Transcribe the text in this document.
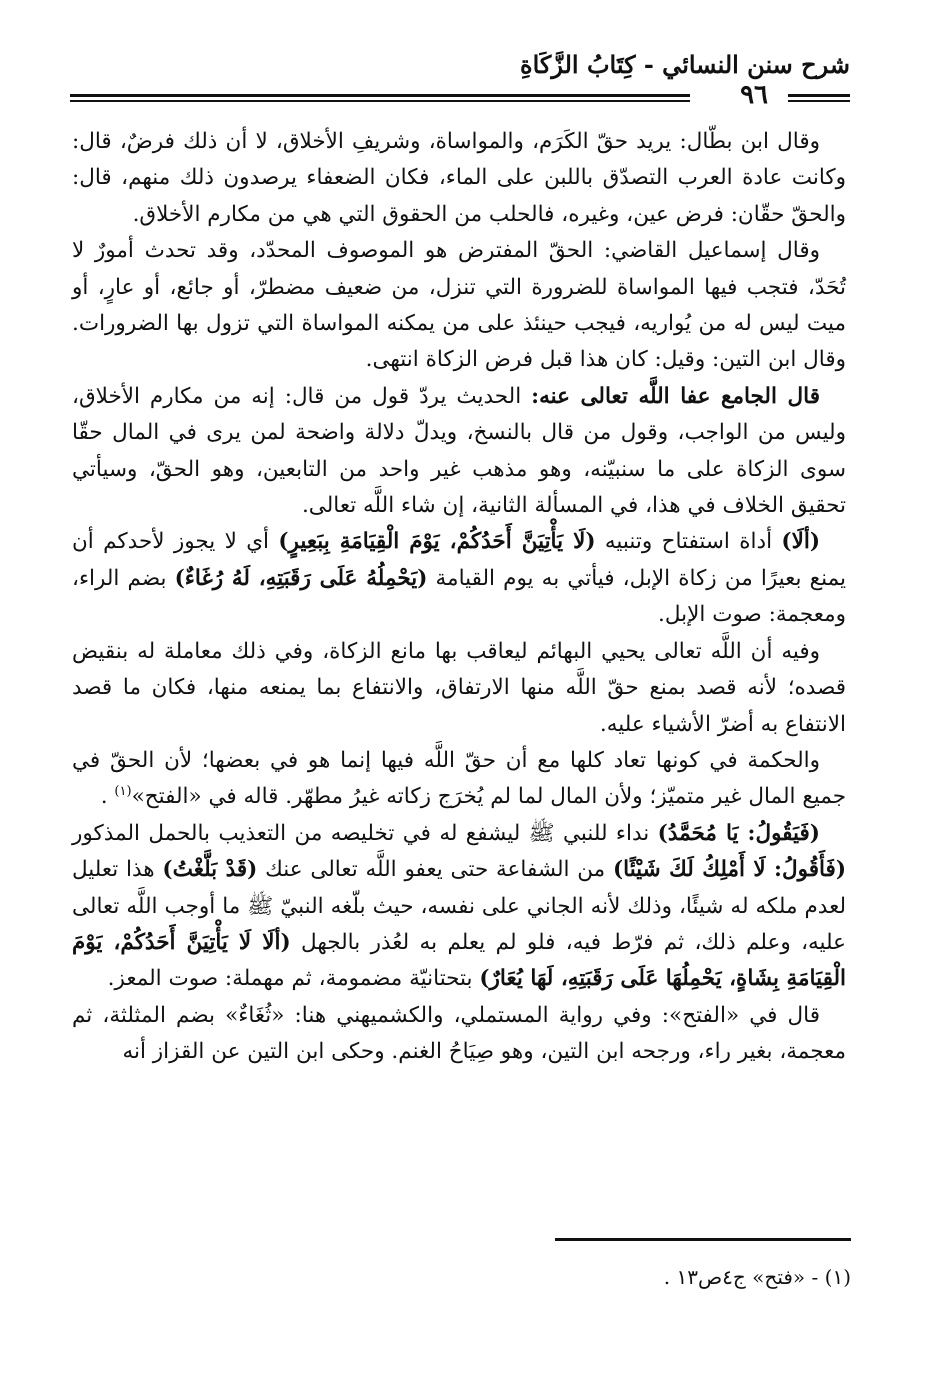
شرح سنن النسائي - كِتَابُ الزَّكَاةِ
٩٦

وقال ابن بطّال: يريد حقّ الكَرَم، والمواساة، وشريفِ الأخلاق، لا أن ذلك فرضٌ، قال: وكانت عادة العرب التصدّق باللبن على الماء، فكان الضعفاء يرصدون ذلك منهم، قال: والحقّ حقّان: فرض عين، وغيره، فالحلب من الحقوق التي هي من مكارم الأخلاق.

وقال إسماعيل القاضي: الحقّ المفترض هو الموصوف المحدّد، وقد تحدث أمورٌ لا تُحَدّ، فتجب فيها المواساة للضرورة التي تنزل، من ضعيف مضطرّ، أو جائع، أو عارٍ، أو ميت ليس له من يُواريه، فيجب حينئذ على من يمكنه المواساة التي تزول بها الضرورات. وقال ابن التين: وقيل: كان هذا قبل فرض الزكاة انتهى.

قال الجامع عفا اللَّه تعالى عنه: الحديث يردّ قول من قال: إنه من مكارم الأخلاق، وليس من الواجب، وقول من قال بالنسخ، ويدلّ دلالة واضحة لمن يرى في المال حقّا سوى الزكاة على ما سنبيّنه، وهو مذهب غير واحد من التابعين، وهو الحقّ، وسيأتي تحقيق الخلاف في هذا، في المسألة الثانية، إن شاء اللَّه تعالى.

(ألَا) أداة استفتاح وتنبيه (لَا يَأْتِيَنَّ أَحَدُكُمْ، يَوْمَ الْقِيَامَةِ بِبَعِيرٍ) أي لا يجوز لأحدكم أن يمنع بعيرًا من زكاة الإبل، فيأتي به يوم القيامة (يَحْمِلُهُ عَلَى رَقَبَتِهِ، لَهُ رُغَاءٌ) بضم الراء، ومعجمة: صوت الإبل.

وفيه أن اللَّه تعالى يحيي البهائم ليعاقب بها مانع الزكاة، وفي ذلك معاملة له بنقيض قصده؛ لأنه قصد بمنع حقّ اللَّه منها الارتفاق، والانتفاع بما يمنعه منها، فكان ما قصد الانتفاع به أضرّ الأشياء عليه.

والحكمة في كونها تعاد كلها مع أن حقّ اللَّه فيها إنما هو في بعضها؛ لأن الحقّ في جميع المال غير متميّز؛ ولأن المال لما لم يُخرَج زكاته غيرُ مطهّر. قاله في «الفتح»$^{(١)}$ .

(فَيَقُولُ: يَا مُحَمَّدُ) نداء للنبي ﷺ ليشفع له في تخليصه من التعذيب بالحمل المذكور (فَأَقُولُ: لَا أَمْلِكُ لَكَ شَيْئًا) من الشفاعة حتى يعفو اللَّه تعالى عنك (قَدْ بَلَّغْتُ) هذا تعليل لعدم ملكه له شيئًا، وذلك لأنه الجاني على نفسه، حيث بلّغه النبيّ ﷺ ما أوجب اللَّه تعالى عليه، وعلم ذلك، ثم فرّط فيه، فلو لم يعلم به لعُذر بالجهل (ألَا لَا يَأْتِيَنَّ أَحَدُكُمْ، يَوْمَ الْقِيَامَةِ بِشَاةٍ، يَحْمِلُهَا عَلَى رَقَبَتِهِ، لَهَا يُعَارٌ) بتحتانيّة مضمومة، ثم مهملة: صوت المعز.

قال في «الفتح»: وفي رواية المستملي، والكشميهني هنا: «ثُغَاءٌ» بضم المثلثة، ثم معجمة، بغير راء، ورجحه ابن التين، وهو صِيَاحُ الغنم. وحكى ابن التين عن القزاز أنه

(١) - «فتح» ج٤ص١٣ .
